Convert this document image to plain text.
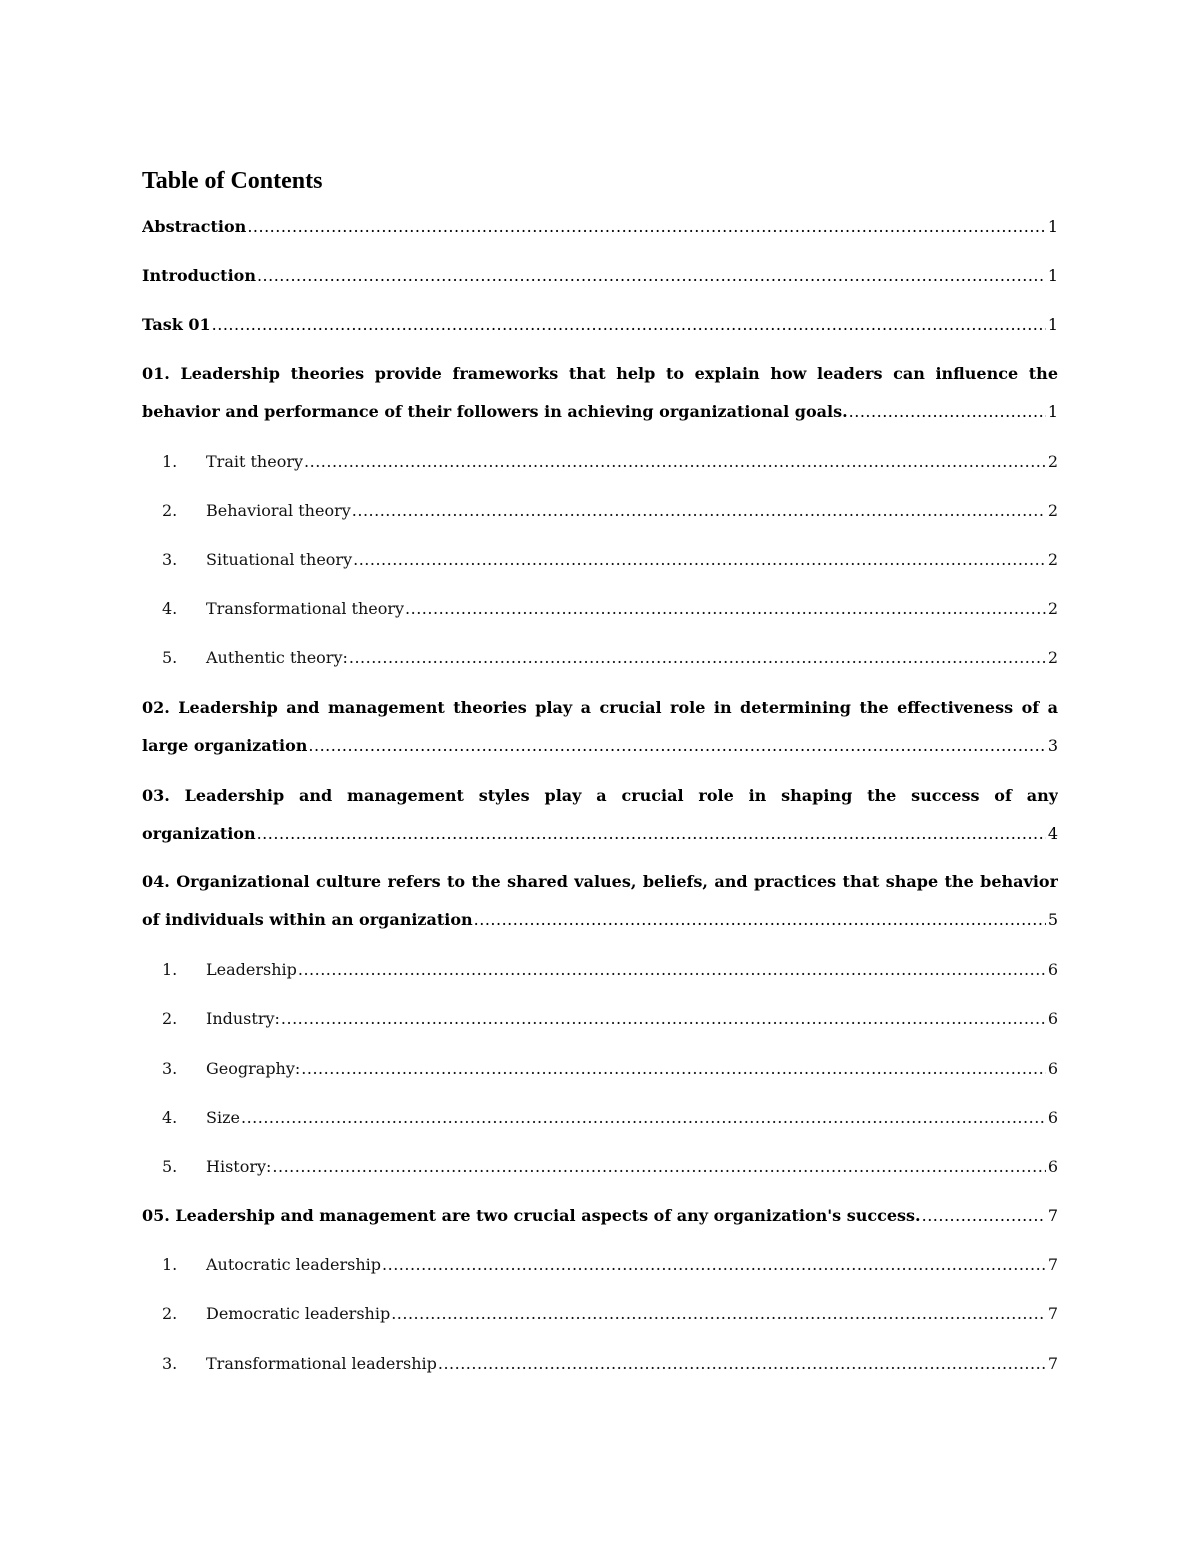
Table of Contents
Abstraction .....	1
Introduction .....	1
Task 01 .....	1
01. Leadership theories provide frameworks that help to explain how leaders can influence the
behavior and performance of their followers in achieving organizational goals. .....	1
1.	Trait theory .....	2
2.	Behavioral theory .....	2
3.	Situational theory .....	2
4.	Transformational theory .....	2
5.	Authentic theory: .....	2
02. Leadership and management theories play a crucial role in determining the effectiveness of a
large organization .....	3
03. Leadership and management styles play a crucial role in shaping the success of any
organization .....	4
04. Organizational culture refers to the shared values, beliefs, and practices that shape the behavior
of individuals within an organization .....	5
1.	Leadership .....	6
2.	Industry: .....	6
3.	Geography: .....	6
4.	Size .....	6
5.	History: .....	6
05. Leadership and management are two crucial aspects of any organization's success. .....	7
1.	Autocratic leadership .....	7
2.	Democratic leadership .....	7
3.	Transformational leadership .....	7
